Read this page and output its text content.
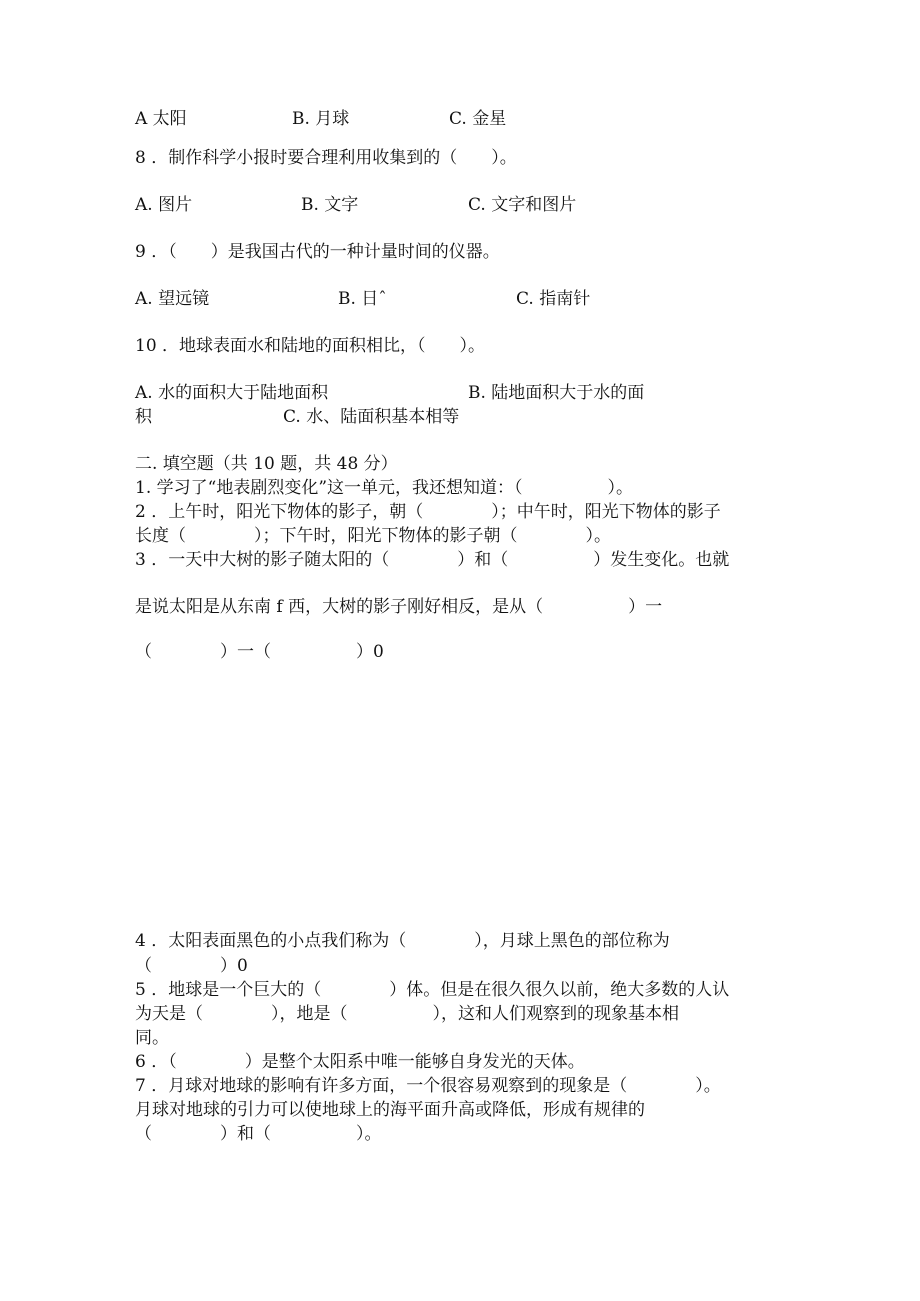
A 太阳	B. 月球	C. 金星
8 ．制作科学小报时要合理利用收集到的（　　）。
A. 图片	B. 文字	C. 文字和图片
9 ．（　　）是我国古代的一种计量时间的仪器。
A. 望远镜	B. 日ˆ	C. 指南针
10 ．地球表面水和陆地的面积相比，（　　）。
A. 水的面积大于陆地面积	B. 陆地面积大于水的面
积	C. 水、陆面积基本相等
二. 填空题（共 10 题，共 48 分）
1. 学习了“地表剧烈变化”这一单元，我还想知道：（　　　　　）。
2 ．上午时，阳光下物体的影子，朝（　　　　）；中午时，阳光下物体的影子
长度（　　　　）；下午时，阳光下物体的影子朝（　　　　）。
3 ．一天中大树的影子随太阳的（　　　　）和（　　　　　）发生变化。也就
是说太阳是从东南 f 西，大树的影子刚好相反，是从（　　　　　）一
（　　　　）一（　　　　　）0
4 ．太阳表面黑色的小点我们称为（　　　　），月球上黑色的部位称为
（　　　　）0
5 ．地球是一个巨大的（　　　　）体。但是在很久很久以前，绝大多数的人认
为天是（　　　　），地是（　　　　　），这和人们观察到的现象基本相
同。
6 ．（　　　　）是整个太阳系中唯一能够自身发光的天体。
7 ．月球对地球的影响有许多方面，一个很容易观察到的现象是（　　　　）。
月球对地球的引力可以使地球上的海平面升高或降低，形成有规律的
（　　　　）和（　　　　　）。
